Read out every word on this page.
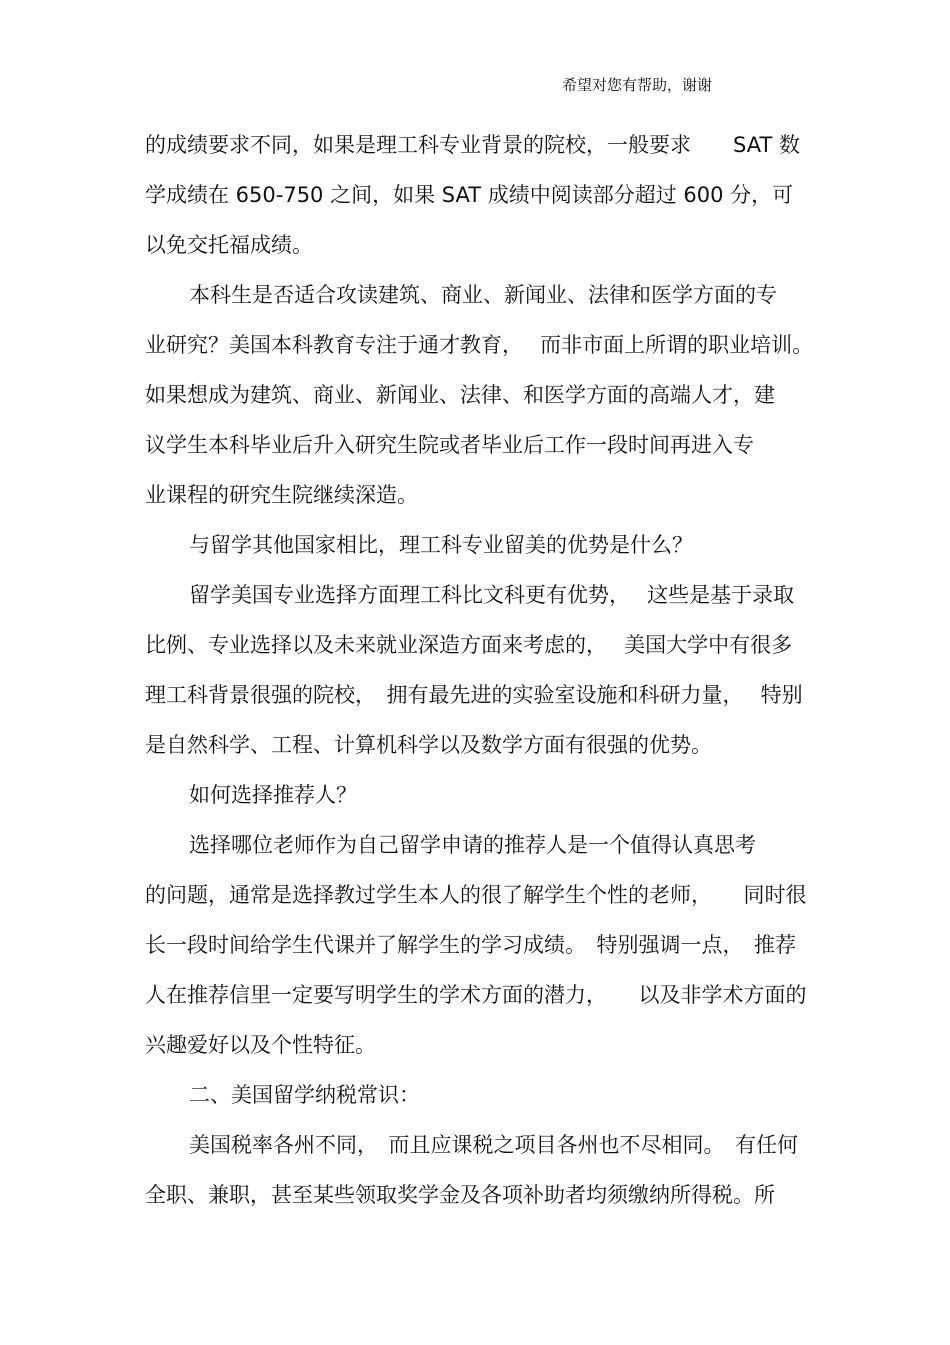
希望对您有帮助，谢谢
的成绩要求不同，如果是理工科专业背景的院校，一般要求　　SAT 数
学成绩在 650-750 之间，如果 SAT 成绩中阅读部分超过 600 分，可
以免交托福成绩。
本科生是否适合攻读建筑、商业、新闻业、法律和医学方面的专
业研究？美国本科教育专注于通才教育，　 而非市面上所谓的职业培训。
如果想成为建筑、商业、新闻业、法律、和医学方面的高端人才，建
议学生本科毕业后升入研究生院或者毕业后工作一段时间再进入专
业课程的研究生院继续深造。
与留学其他国家相比，理工科专业留美的优势是什么？
留学美国专业选择方面理工科比文科更有优势，　 这些是基于录取
比例、专业选择以及未来就业深造方面来考虑的，　 美国大学中有很多
理工科背景很强的院校，　拥有最先进的实验室设施和科研力量，　 特别
是自然科学、工程、计算机科学以及数学方面有很强的优势。
如何选择推荐人？
选择哪位老师作为自己留学申请的推荐人是一个值得认真思考
的问题，通常是选择教过学生本人的很了解学生个性的老师，　　同时很
长一段时间给学生代课并了解学生的学习成绩。　特别强调一点，　推荐
人在推荐信里一定要写明学生的学术方面的潜力，　　以及非学术方面的
兴趣爱好以及个性特征。
二、美国留学纳税常识：
美国税率各州不同，　而且应课税之项目各州也不尽相同。　有任何
全职、兼职，甚至某些领取奖学金及各项补助者均须缴纳所得税。所
